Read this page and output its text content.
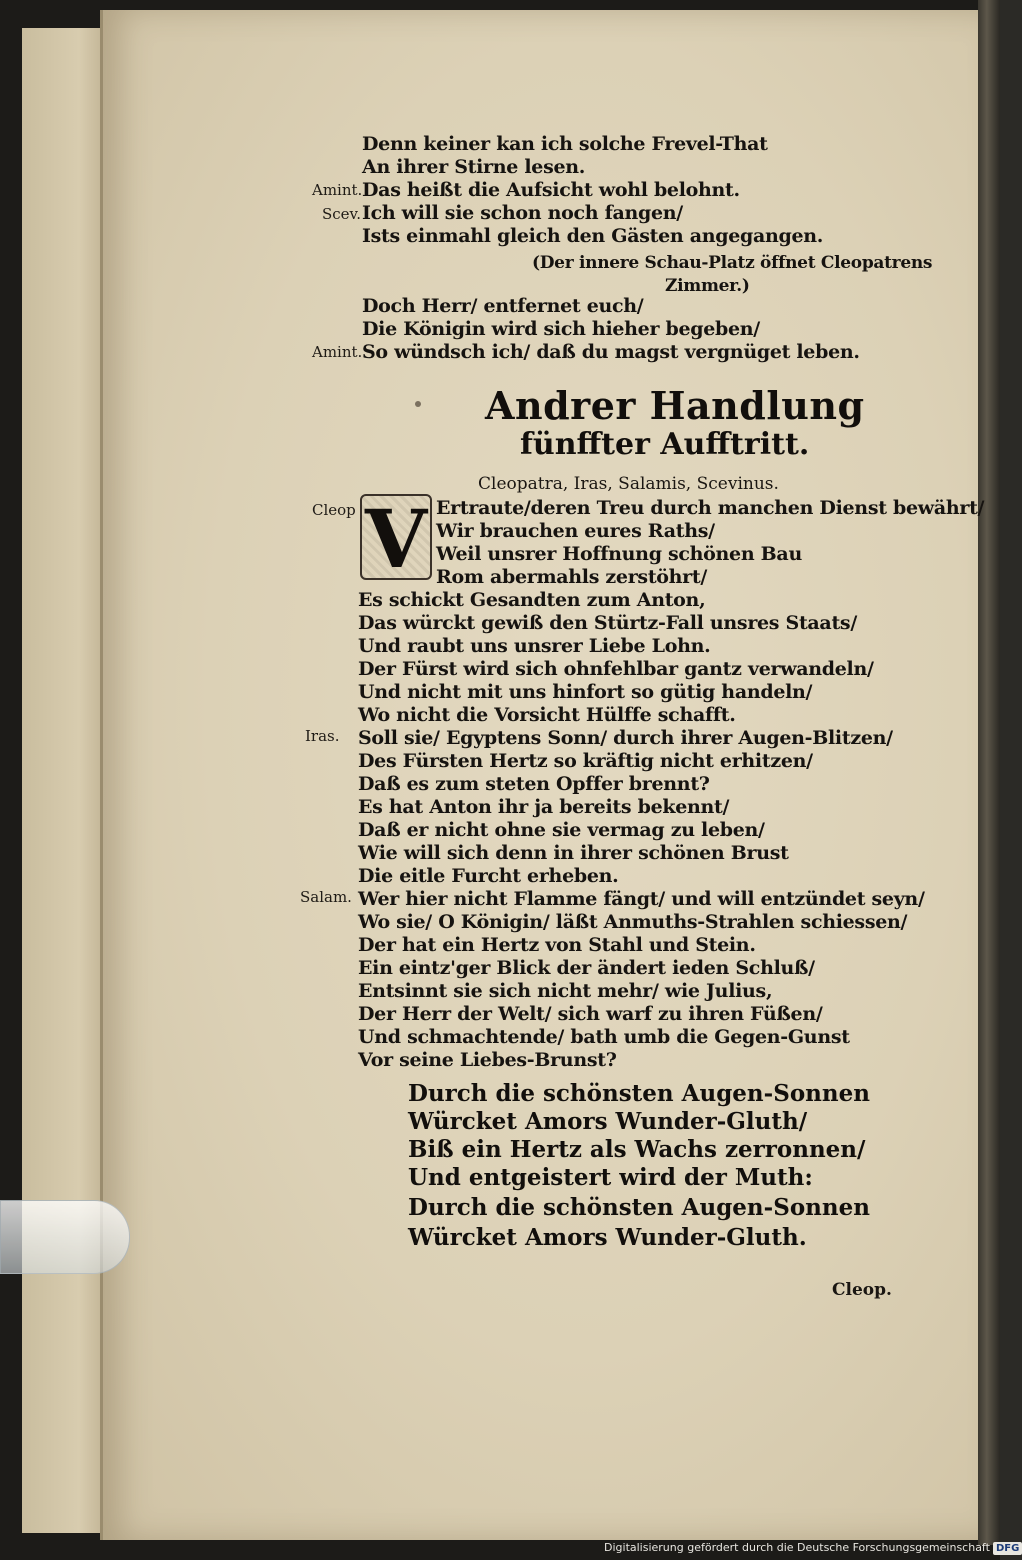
Amint.
Scev.
Amint.
Cleop
Iras.
Salam.
Denn keiner kan ich solche Frevel-That
An ihrer Stirne lesen.
Das heißt die Aufsicht wohl belohnt.
Ich will sie schon noch fangen/
Ists einmahl gleich den Gästen angegangen.
(Der innere Schau-Platz öffnet Cleopatrens
Zimmer.)
Doch Herr/ entfernet euch/
Die Königin wird sich hieher begeben/
So wündsch ich/ daß du magst vergnüget leben.
Andrer Handlung
fünffter Aufftritt.
Cleopatra, Iras, Salamis, Scevinus.
V Ertraute/deren Treu durch manchen Dienst bewährt/
Wir brauchen eures Raths/
Weil unsrer Hoffnung schönen Bau
Rom abermahls zerstöhrt/
Es schickt Gesandten zum Anton,
Das würckt gewiß den Stürtz-Fall unsres Staats/
Und raubt uns unsrer Liebe Lohn.
Der Fürst wird sich ohnfehlbar gantz verwandeln/
Und nicht mit uns hinfort so gütig handeln/
Wo nicht die Vorsicht Hülffe schafft.
Soll sie/ Egyptens Sonn/ durch ihrer Augen-Blitzen/
Des Fürsten Hertz so kräftig nicht erhitzen/
Daß es zum steten Opffer brennt?
Es hat Anton ihr ja bereits bekennt/
Daß er nicht ohne sie vermag zu leben/
Wie will sich denn in ihrer schönen Brust
Die eitle Furcht erheben.
Wer hier nicht Flamme fängt/ und will entzündet seyn/
Wo sie/ O Königin/ läßt Anmuths-Strahlen schiessen/
Der hat ein Hertz von Stahl und Stein.
Ein eintz'ger Blick der ändert ieden Schluß/
Entsinnt sie sich nicht mehr/ wie Julius,
Der Herr der Welt/ sich warf zu ihren Füßen/
Und schmachtende/ bath umb die Gegen-Gunst
Vor seine Liebes-Brunst?
Durch die schönsten Augen-Sonnen
Würcket Amors Wunder-Gluth/
Biß ein Hertz als Wachs zerronnen/
Und entgeistert wird der Muth:
Durch die schönsten Augen-Sonnen
Würcket Amors Wunder-Gluth.
Cleop.
Digitalisierung gefördert durch die Deutsche Forschungsgemeinschaft DFG
